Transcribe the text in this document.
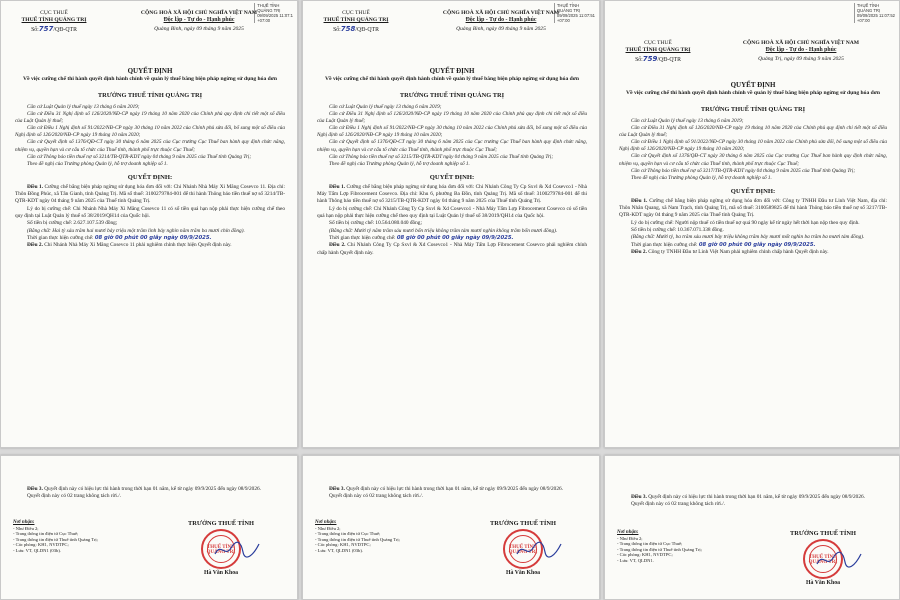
THUẾ TỈNH
QUẢNG TRỊ
09/09/2025 11:07:1
+07:00
CỤC THUẾ
THUẾ TỈNH QUẢNG TRỊ
Số:757/QĐ-QTR
CỘNG HOÀ XÃ HỘI CHỦ NGHĨA VIỆT NAM
Độc lập - Tự do - Hạnh phúc
Quảng Bình, ngày 09 tháng 9 năm 2025
QUYẾT ĐỊNH
Về việc cưỡng chế thi hành quyết định hành chính về quản lý thuế bằng biện pháp ngừng sử dụng hóa đơn
TRƯỞNG THUẾ TỈNH QUẢNG TRỊ

Căn cứ Luật Quản lý thuế ngày 13 tháng 6 năm 2019;

Căn cứ Điều 31 Nghị định số 126/2020/NĐ-CP ngày 19 tháng 10 năm 2020 của Chính phủ quy định chi tiết một số điều của Luật Quản lý thuế;

Căn cứ Điều 1 Nghị định số 91/2022/NĐ-CP ngày 30 tháng 10 năm 2022 của Chính phủ sửa đổi, bổ sung một số điều của Nghị định số 126/2020/NĐ-CP ngày 19 tháng 10 năm 2020;

Căn cứ Quyết định số 1376/QĐ-CT ngày 30 tháng 6 năm 2025 của Cục trưởng Cục Thuế ban hành quy định chức năng, nhiệm vụ, quyền hạn và cơ cấu tổ chức của Thuế tỉnh, thành phố trực thuộc Cục Thuế;

Căn cứ Thông báo tiền thuế nợ số 3214/TB-QTR-KDT ngày 04 tháng 9 năm 2025 của Thuế tỉnh Quảng Trị;

Theo đề nghị của Trưởng phòng Quản lý, hỗ trợ doanh nghiệp số 1.

QUYẾT ĐỊNH:

Điều 1. Cưỡng chế bằng biện pháp ngừng sử dụng hóa đơn đối với: Chi Nhánh Nhà Máy Xi Măng Cosevco 11. Địa chỉ: Thôn Đồng Phúc, xã Tân Gianh, tỉnh Quảng Trị. Mã số thuế: 3100279784-001 để thi hành Thông báo tiền thuế nợ số 3214/TB-QTR-KDT ngày 04 tháng 9 năm 2025 của Thuế tỉnh Quảng Trị.

Lý do bị cưỡng chế: Chi Nhánh Nhà Máy Xi Măng Cosevco 11 có số tiền quá hạn nộp phải thực hiện cưỡng chế theo quy định tại Luật Quản lý thuế số 38/2019/QH14 của Quốc hội.

Số tiền bị cưỡng chế: 2.627.107.539 đồng;

(Bằng chữ: Hai tỷ sáu trăm hai mươi bảy triệu một trăm linh bảy nghìn năm trăm ba mươi chín đồng).

Thời gian thực hiện cưỡng chế: 08 giờ 00 phút 00 giây ngày 09/9/2025.

Điều 2. Chi Nhánh Nhà Máy Xi Măng Cosevco 11 phải nghiêm chỉnh thực hiện Quyết định này.

THUẾ TỈNH
QUẢNG TRỊ
09/09/2025 11:07:51
+07:00
CỤC THUẾ
THUẾ TỈNH QUẢNG TRỊ
Số:758/QĐ-QTR
CỘNG HOÀ XÃ HỘI CHỦ NGHĨA VIỆT NAM
Độc lập - Tự do - Hạnh phúc
Quảng Bình, ngày 09 tháng 9 năm 2025
QUYẾT ĐỊNH
Về việc cưỡng chế thi hành quyết định hành chính về quản lý thuế bằng biện pháp ngừng sử dụng hóa đơn
TRƯỞNG THUẾ TỈNH QUẢNG TRỊ

Căn cứ Luật Quản lý thuế ngày 13 tháng 6 năm 2019;

Căn cứ Điều 31 Nghị định số 126/2020/NĐ-CP ngày 19 tháng 10 năm 2020 của Chính phủ quy định chi tiết một số điều của Luật Quản lý thuế;

Căn cứ Điều 1 Nghị định số 91/2022/NĐ-CP ngày 30 tháng 10 năm 2022 của Chính phủ sửa đổi, bổ sung một số điều của Nghị định số 126/2020/NĐ-CP ngày 19 tháng 10 năm 2020;

Căn cứ Quyết định số 1376/QĐ-CT ngày 30 tháng 6 năm 2025 của Cục trưởng Cục Thuế ban hành quy định chức năng, nhiệm vụ, quyền hạn và cơ cấu tổ chức của Thuế tỉnh, thành phố trực thuộc Cục Thuế;

Căn cứ Thông báo tiền thuế nợ số 3215/TB-QTR-KDT ngày 04 tháng 9 năm 2025 của Thuế tỉnh Quảng Trị;

Theo đề nghị của Trưởng phòng Quản lý, hỗ trợ doanh nghiệp số 1.

QUYẾT ĐỊNH:

Điều 1. Cưỡng chế bằng biện pháp ngừng sử dụng hóa đơn đối với: Chi Nhánh Công Ty Cp Sxvl & Xd Cosevco1 - Nhà Máy Tấm Lợp Fibrocement Cosevco. Địa chỉ: Khu 6, phường Ba Đồn, tỉnh Quảng Trị. Mã số thuế: 3100279784-001 để thi hành Thông báo tiền thuế nợ số 3215/TB-QTR-KDT ngày 04 tháng 9 năm 2025 của Thuế tỉnh Quảng Trị.

Lý do bị cưỡng chế: Chi Nhánh Công Ty Cp Sxvl & Xd Cosevco1 - Nhà Máy Tấm Lợp Fibrocement Cosevco có số tiền quá hạn nộp phải thực hiện cưỡng chế theo quy định tại Luật Quản lý thuế số 38/2019/QH14 của Quốc hội.

Số tiền bị cưỡng chế: 10.564.080.040 đồng;

(Bằng chữ: Mười tỷ năm trăm sáu mươi bốn triệu không trăm tám mươi nghìn không trăm bốn mươi đồng).

Thời gian thực hiện cưỡng chế: 08 giờ 00 phút 00 giây ngày 09/9/2025.

Điều 2. Chi Nhánh Công Ty Cp Sxvl & Xd Cosevco1 - Nhà Máy Tấm Lợp Fibrocement Cosevco phải nghiêm chỉnh chấp hành Quyết định này.

THUẾ TỈNH
QUẢNG TRỊ
09/09/2025 11:07:52
+07:00
CỤC THUẾ
THUẾ TỈNH QUẢNG TRỊ
Số:759/QĐ-QTR
CỘNG HOÀ XÃ HỘI CHỦ NGHĨA VIỆT NAM
Độc lập - Tự do - Hạnh phúc
Quảng Trị, ngày 09 tháng 9 năm 2025
QUYẾT ĐỊNH
Về việc cưỡng chế thi hành quyết định hành chính về quản lý thuế bằng biện pháp ngừng sử dụng hóa đơn
TRƯỞNG THUẾ TỈNH QUẢNG TRỊ

Căn cứ Luật Quản lý thuế ngày 13 tháng 6 năm 2019;

Căn cứ Điều 31 Nghị định số 126/2020/NĐ-CP ngày 19 tháng 10 năm 2020 của Chính phủ quy định chi tiết một số điều của Luật Quản lý thuế;

Căn cứ Điều 1 Nghị định số 91/2022/NĐ-CP ngày 30 tháng 10 năm 2022 của Chính phủ sửa đổi, bổ sung một số điều của Nghị định số 126/2020/NĐ-CP ngày 19 tháng 10 năm 2020;

Căn cứ Quyết định số 1376/QĐ-CT ngày 30 tháng 6 năm 2025 của Cục trưởng Cục Thuế ban hành quy định chức năng, nhiệm vụ, quyền hạn và cơ cấu tổ chức của Thuế tỉnh, thành phố trực thuộc Cục Thuế;

Căn cứ Thông báo tiền thuế nợ số 3217/TB-QTR-KDT ngày 04 tháng 9 năm 2025 của Thuế tỉnh Quảng Trị;

Theo đề nghị của Trưởng phòng Quản lý, hỗ trợ doanh nghiệp số 1.

QUYẾT ĐỊNH:

Điều 1. Cưỡng chế bằng biện pháp ngừng sử dụng hóa đơn đối với: Công ty TNHH Đầu tư Linh Việt Nam, địa chỉ: Thôn Nhân Quang, xã Nam Trạch, tỉnh Quảng Trị, mã số thuế: 3100589825 để thi hành Thông báo tiền thuế nợ số 3217/TB-QTR-KDT ngày 04 tháng 9 năm 2025 của Thuế tỉnh Quảng Trị.

Lý do bị cưỡng chế: Người nộp thuế có tiền thuế nợ quá 90 ngày kể từ ngày hết thời hạn nộp theo quy định.

Số tiền bị cưỡng chế: 10.367.071.338 đồng.

(Bằng chữ: Mười tỷ, ba trăm sáu mươi bảy triệu không trăm bảy mươi mốt nghìn ba trăm ba mươi tám đồng).

Thời gian thực hiện cưỡng chế: 08 giờ 00 phút 00 giây ngày 09/9/2025.

Điều 2. Công ty TNHH Đầu tư Linh Việt Nam phải nghiêm chỉnh chấp hành Quyết định này.

Điều 3. Quyết định này có hiệu lực thi hành trong thời hạn 01 năm, kể từ ngày 09/9/2025 đến ngày 08/9/2026.

Quyết định này có 02 trang không tách rời./.

Nơi nhận:
- Như Điều 2;
- Trang thông tin điện tử Cục Thuế;
- Trang thông tin điện tử Thuế tỉnh Quảng Trị;
- Các phòng: KH1, NVDTPC;
- Lưu: VT, QLDN1 (03b).
TRƯỞNG THUẾ TỈNH
THUẾ TỈNH QUẢNG TRỊ
Hà Văn Khoa

Điều 3. Quyết định này có hiệu lực thi hành trong thời hạn 01 năm, kể từ ngày 09/9/2025 đến ngày 08/9/2026.

Quyết định này có 02 trang không tách rời./.

Nơi nhận:
- Như Điều 2;
- Trang thông tin điện tử Cục Thuế;
- Trang thông tin điện tử Thuế tỉnh Quảng Trị;
- Các phòng: KH1, NVDTPC;
- Lưu: VT, QLDN1 (03b).
TRƯỞNG THUẾ TỈNH
THUẾ TỈNH QUẢNG TRỊ
Hà Văn Khoa

Điều 3. Quyết định này có hiệu lực thi hành trong thời hạn 01 năm, kể từ ngày 09/9/2025 đến ngày 08/9/2026.

Quyết định này có 02 trang không tách rời./.

Nơi nhận:
- Như Điều 2;
- Trang thông tin điện tử Cục Thuế;
- Trang thông tin điện tử Thuế tỉnh Quảng Trị;
- Các phòng: KH1, NVDTPC;
- Lưu: VT, QLDN1.
TRƯỞNG THUẾ TỈNH
THUẾ TỈNH QUẢNG TRỊ
Hà Văn Khoa
